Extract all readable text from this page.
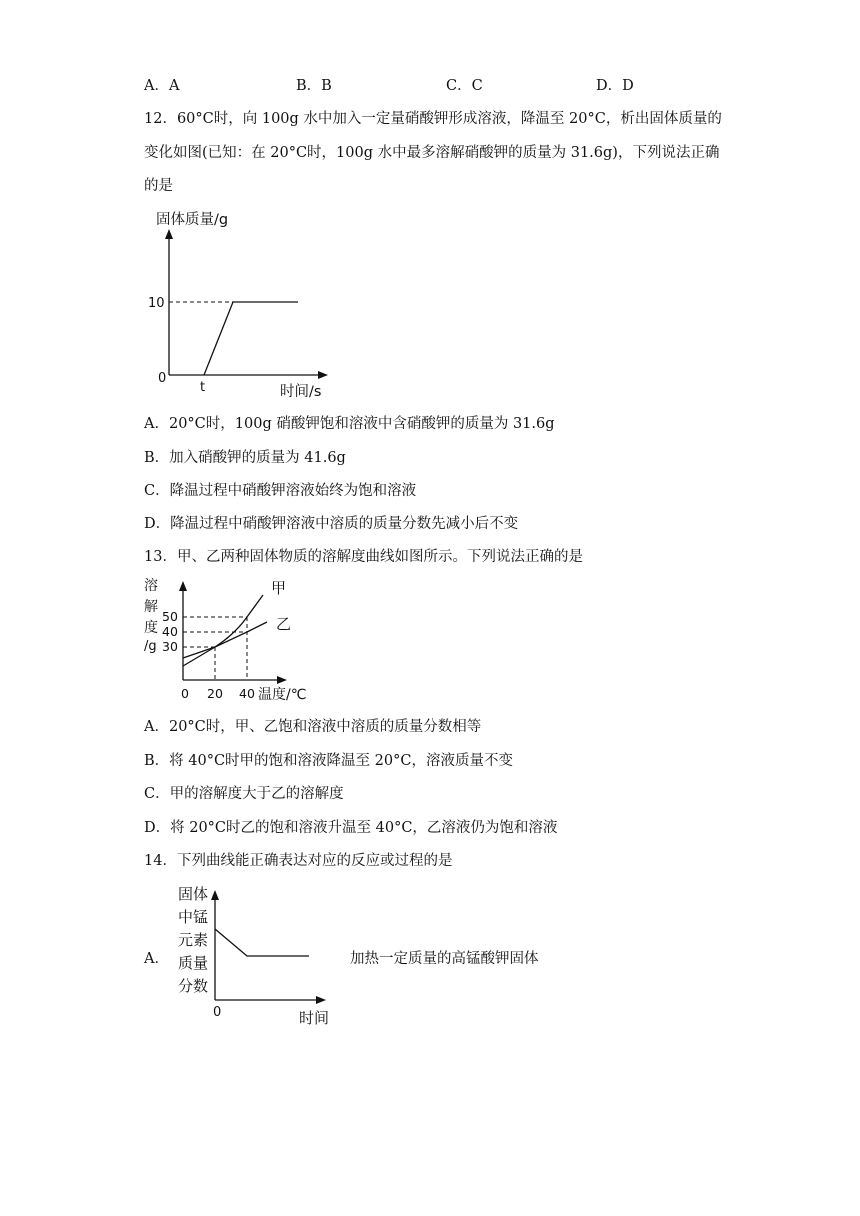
A．A	B．B	C．C	D．D
12．60°C时，向 100g 水中加入一定量硝酸钾形成溶液，降温至 20°C，析出固体质量的
变化如图(已知：在 20°C时，100g 水中最多溶解硝酸钾的质量为 31.6g)，下列说法正确
的是
固体质量/g
10
0
t	时间/s
A．20°C时，100g 硝酸钾饱和溶液中含硝酸钾的质量为 31.6g
B．加入硝酸钾的质量为 41.6g
C．降温过程中硝酸钾溶液始终为饱和溶液
D．降温过程中硝酸钾溶液中溶质的质量分数先减小后不变
13．甲、乙两种固体物质的溶解度曲线如图所示。下列说法正确的是
溶
解
度
/g
50
40
30
0 20 40 温度/℃
甲
乙
A．20°C时，甲、乙饱和溶液中溶质的质量分数相等
B．将 40°C时甲的饱和溶液降温至 20°C，溶液质量不变
C．甲的溶解度大于乙的溶解度
D．将 20°C时乙的饱和溶液升温至 40°C，乙溶液仍为饱和溶液
14．下列曲线能正确表达对应的反应或过程的是
A．
固体
中锰
元素
质量
分数
0	时间
加热一定质量的高锰酸钾固体
